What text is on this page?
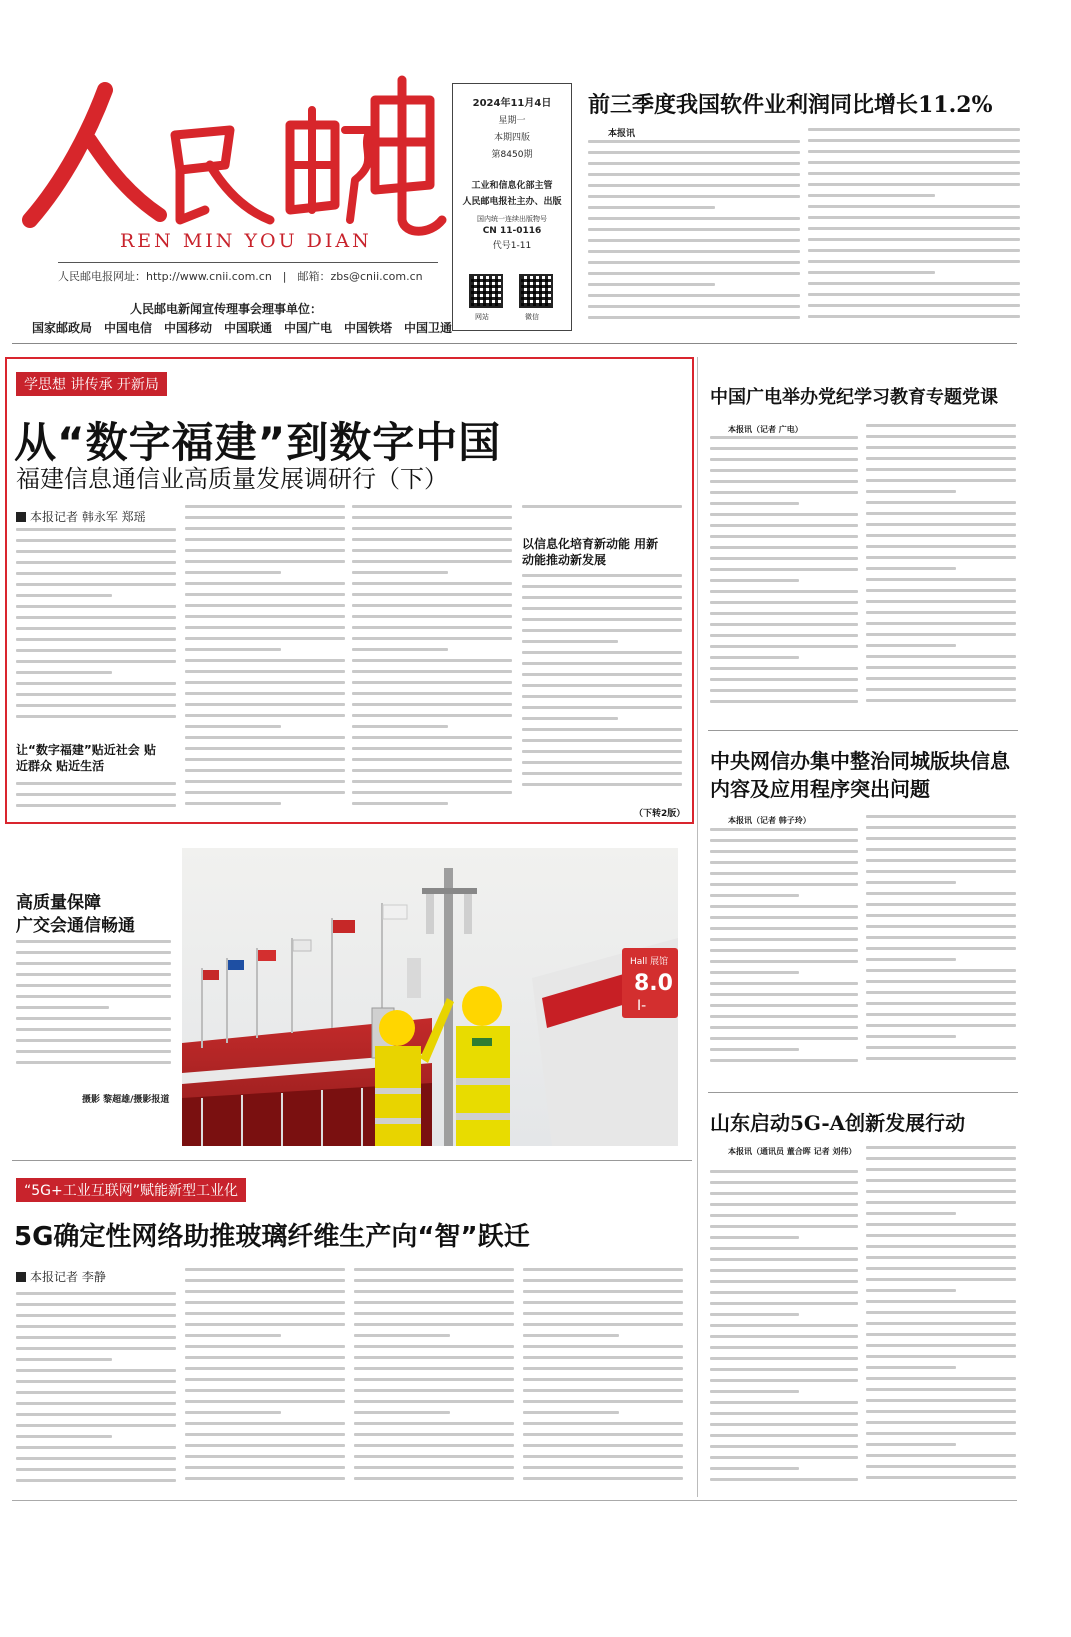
REN MIN YOU DIAN
人民邮电报网址：http://www.cnii.com.cn　|　邮箱：zbs@cnii.com.cn
人民邮电新闻宣传理事会理事单位：
国家邮政局　中国电信　中国移动　中国联通　中国广电　中国铁塔　中国卫通
2024年11月4日
星期一
本期四版
第8450期
工业和信息化部主管
人民邮电报社主办、出版
国内统一连续出版物号
CN 11-0116
代号1-11
网站	微信
前三季度我国软件业利润同比增长11.2%
本报讯
学思想 讲传承 开新局
从“数字福建”到数字中国
福建信息通信业高质量发展调研行（下）
本报记者 韩永军 郑瑶
让“数字福建”贴近社会 贴近群众 贴近生活
以信息化培育新动能 用新动能推动新发展
（下转2版）
中国广电举办党纪学习教育专题党课
本报讯（记者 广电）
中央网信办集中整治同城版块信息
内容及应用程序突出问题
本报讯（记者 韩子玲）
山东启动5G-A创新发展行动
本报讯（通讯员 董合晖 记者 刘伟）
高质量保障
广交会通信畅通
摄影 黎超雄/摄影报道
Hall 展馆
8.0
I-
“5G+工业互联网”赋能新型工业化
5G确定性网络助推玻璃纤维生产向“智”跃迁
本报记者 李静
